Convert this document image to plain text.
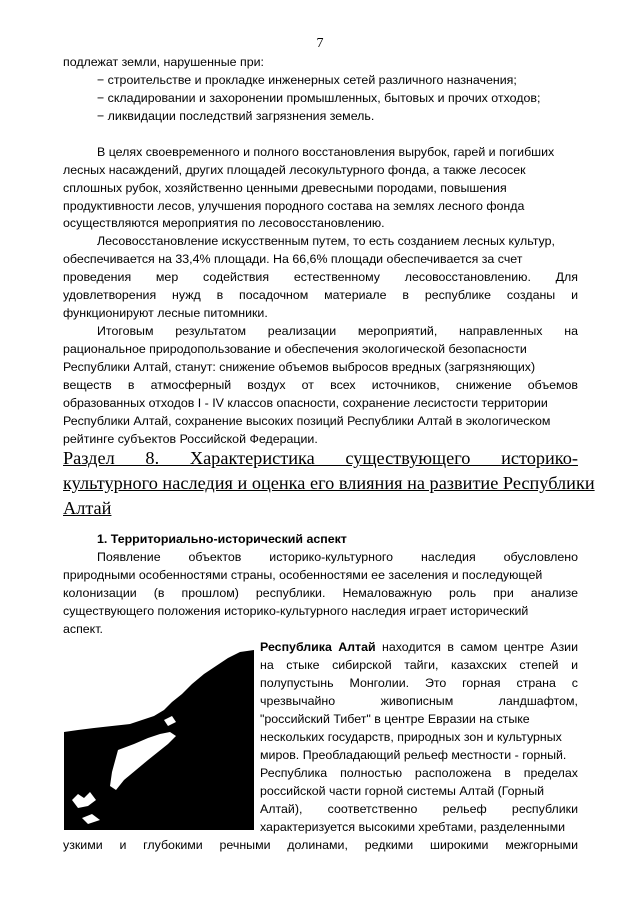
7
подлежат земли, нарушенные при:
− строительстве и прокладке инженерных сетей различного назначения;
− складировании и захоронении промышленных, бытовых и прочих отходов;
− ликвидации последствий загрязнения земель.
В целях своевременного и полного восстановления вырубок, гарей и погибших
лесных насаждений, других площадей лесокультурного фонда, а также лесосек
сплошных рубок, хозяйственно ценными древесными породами, повышения
продуктивности лесов, улучшения породного состава на землях лесного фонда
осуществляются мероприятия по лесовосстановлению.
Лесовосстановление искусственным путем, то есть созданием лесных культур,
обеспечивается на 33,4% площади. На 66,6% площади обеспечивается за счет
проведения мер содействия естественному лесовосстановлению. Для
удовлетворения нужд в посадочном материале в республике созданы и
функционируют лесные питомники.
Итоговым результатом реализации мероприятий, направленных на
рациональное природопользование и обеспечения экологической безопасности
Республики Алтай, станут: снижение объемов выбросов вредных (загрязняющих)
веществ в атмосферный воздух от всех источников, снижение объемов
образованных отходов I - IV классов опасности, сохранение лесистости территории
Республики Алтай, сохранение высоких позиций Республики Алтай в экологическом
рейтинге субъектов Российской Федерации.
Раздел 8. Характеристика существующего историко-
культурного наследия и оценка его влияния на развитие Республики
Алтай
1. Территориально-исторический аспект
Появление объектов историко-культурного наследия обусловлено
природными особенностями страны, особенностями ее заселения и последующей
колонизации (в прошлом) республики. Немаловажную роль при анализе
существующего положения историко-культурного наследия играет исторический
аспект.
Республика Алтай находится в самом центре Азии
на стыке сибирской тайги, казахских степей и
полупустынь Монголии. Это горная страна с
чрезвычайно живописным ландшафтом,
"российский Тибет" в центре Евразии на стыке
нескольких государств, природных зон и культурных
миров. Преобладающий рельеф местности - горный.
Республика полностью расположена в пределах
российской части горной системы Алтай (Горный
Алтай), соответственно рельеф республики
характеризуется высокими хребтами, разделенными
узкими и глубокими речными долинами, редкими широкими межгорными
